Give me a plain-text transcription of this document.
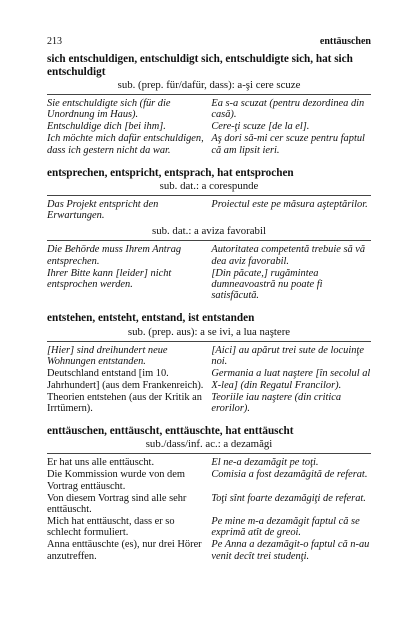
213	enttäuschen

sich entschuldigen, entschuldigt sich, entschuldigte sich, hat sich entschuldigt

sub. (prep. für/dafür, dass): a-şi cere scuze
Sie entschuldigte sich (für die Unordnung im Haus).	Ea s-a scuzat (pentru dezordinea din casă).
Entschuldige dich [bei ihm].	Cere-ţi scuze [de la el].
Ich möchte mich dafür entschuldigen, dass ich gestern nicht da war.	Aş dori să-mi cer scuze pentru faptul că am lipsit ieri.

entsprechen, entspricht, entsprach, hat entsprochen

sub. dat.: a corespunde
Das Projekt entspricht den Erwartungen.	Proiectul este pe măsura aşteptărilor.
sub. dat.: a aviza favorabil
Die Behörde muss Ihrem Antrag entsprechen.	Autoritatea competentă trebuie să vă dea aviz favorabil.
Ihrer Bitte kann [leider] nicht entsprochen werden.	[Din păcate,] rugămintea dumneavoastră nu poate fi satisfăcută.

entstehen, entsteht, entstand, ist entstanden

sub. (prep. aus): a se ivi, a lua naştere
[Hier] sind dreihundert neue Wohnungen entstanden.	[Aici] au apărut trei sute de locuinţe noi.
Deutschland entstand [im 10. Jahrhundert] (aus dem Frankenreich).	Germania a luat naştere [în secolul al X-lea] (din Regatul Francilor).
Theorien entstehen (aus der Kritik an Irrtümern).	Teoriile iau naştere (din critica erorilor).

enttäuschen, enttäuscht, enttäuschte, hat enttäuscht

sub./dass/inf. ac.: a dezamăgi
Er hat uns alle enttäuscht.	El ne-a dezamăgit pe toţi.
Die Kommission wurde von dem Vortrag enttäuscht.	Comisia a fost dezamăgită de referat.
Von diesem Vortrag sind alle sehr enttäuscht.	Toţi sînt foarte dezamăgiţi de referat.
Mich hat enttäuscht, dass er so schlecht formuliert.	Pe mine m-a dezamăgit faptul că se exprimă atît de greoi.
Anna enttäuschte (es), nur drei Hörer anzutreffen.	Pe Anna a dezamăgit-o faptul că n-au venit decît trei studenţi.
